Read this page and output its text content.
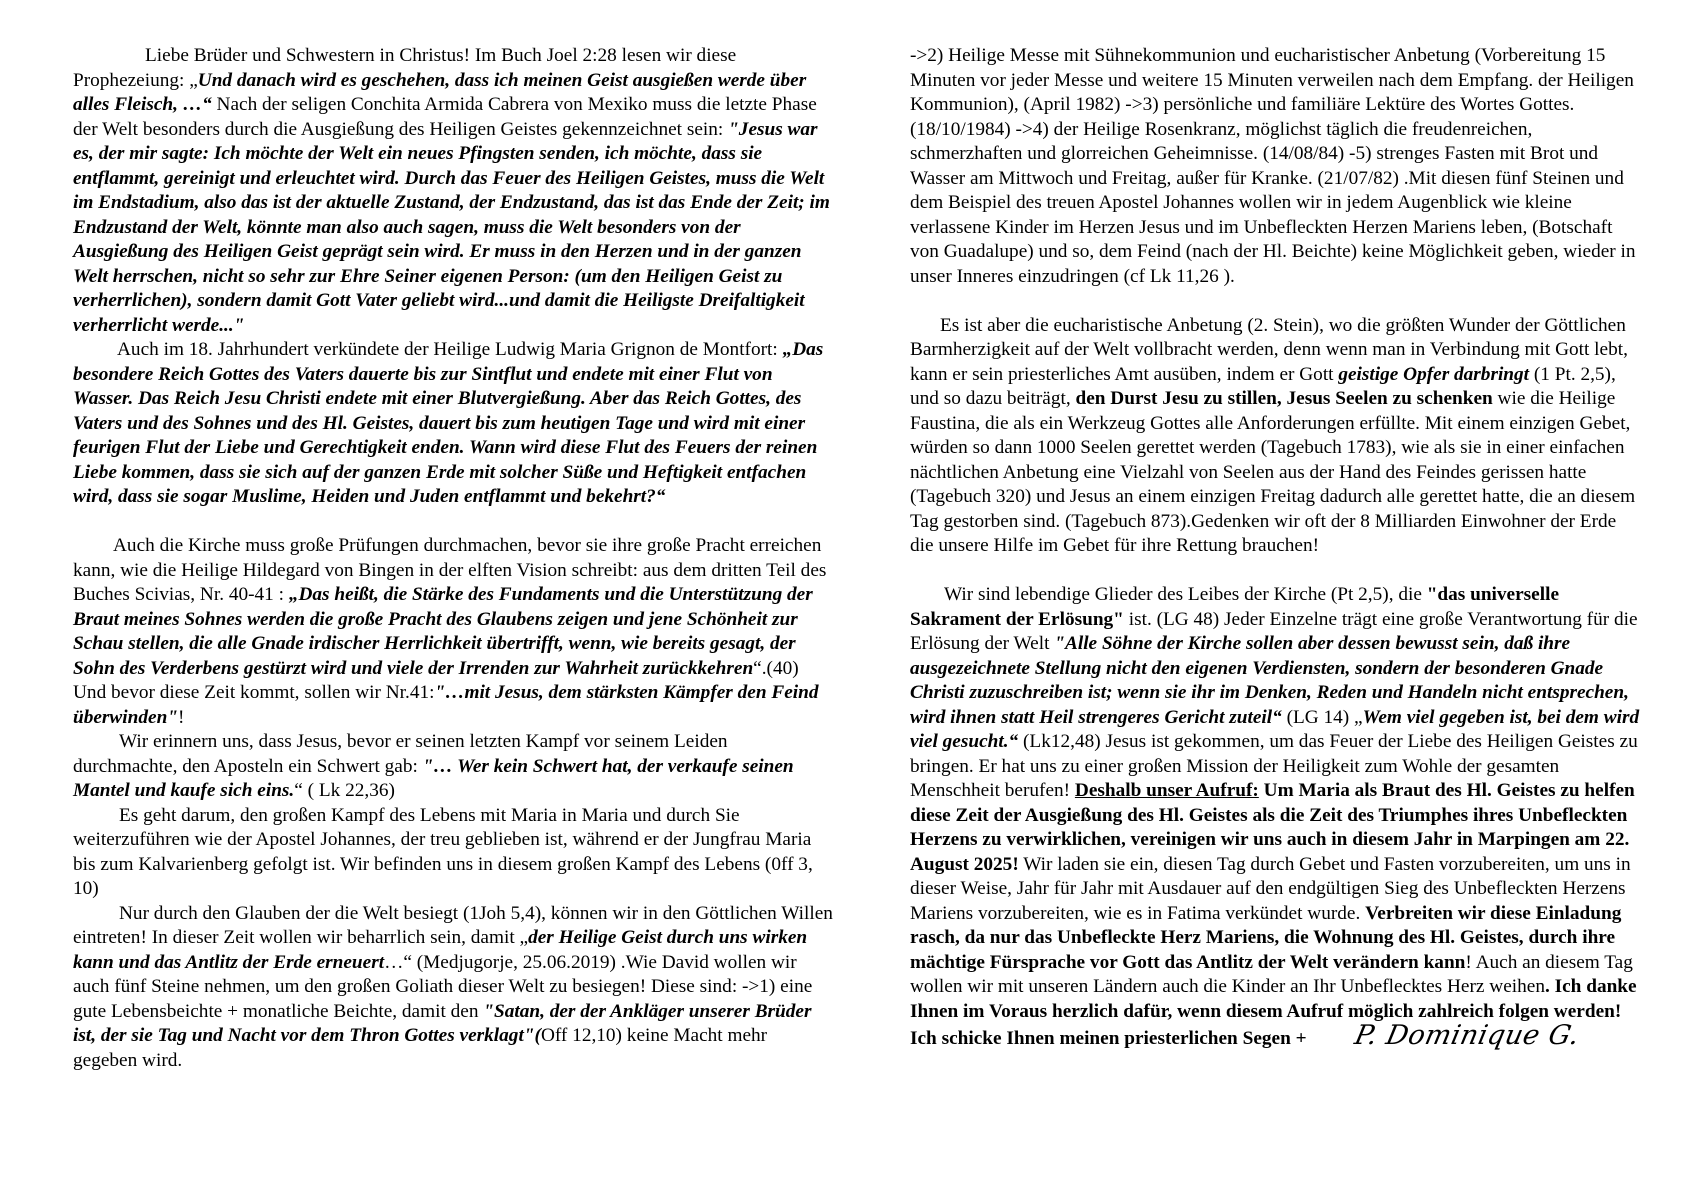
Liebe Brüder und Schwestern in Christus! Im Buch Joel 2:28 lesen wir diese Prophezeiung: „Und danach wird es geschehen, dass ich meinen Geist ausgießen werde über alles Fleisch, …“ Nach der seligen Conchita Armida Cabrera von Mexiko muss die letzte Phase der Welt besonders durch die Ausgießung des Heiligen Geistes gekennzeichnet sein: "Jesus war es, der mir sagte: Ich möchte der Welt ein neues Pfingsten senden, ich möchte, dass sie entflammt, gereinigt und erleuchtet wird. Durch das Feuer des Heiligen Geistes, muss die Welt im Endstadium, also das ist der aktuelle Zustand, der Endzustand, das ist das Ende der Zeit; im Endzustand der Welt, könnte man also auch sagen, muss die Welt besonders von der Ausgießung des Heiligen Geist geprägt sein wird. Er muss in den Herzen und in der ganzen Welt herrschen, nicht so sehr zur Ehre Seiner eigenen Person: (um den Heiligen Geist zu verherrlichen), sondern damit Gott Vater geliebt wird...und damit die Heiligste Dreifaltigkeit verherrlicht werde..."

Auch im 18. Jahrhundert verkündete der Heilige Ludwig Maria Grignon de Montfort: „Das besondere Reich Gottes des Vaters dauerte bis zur Sintflut und endete mit einer Flut von Wasser. Das Reich Jesu Christi endete mit einer Blutvergießung. Aber das Reich Gottes, des Vaters und des Sohnes und des Hl. Geistes, dauert bis zum heutigen Tage und wird mit einer feurigen Flut der Liebe und Gerechtigkeit enden. Wann wird diese Flut des Feuers der reinen Liebe kommen, dass sie sich auf der ganzen Erde mit solcher Süße und Heftigkeit entfachen wird, dass sie sogar Muslime, Heiden und Juden entflammt und bekehrt?“

Auch die Kirche muss große Prüfungen durchmachen, bevor sie ihre große Pracht erreichen kann, wie die Heilige Hildegard von Bingen in der elften Vision schreibt: aus dem dritten Teil des Buches Scivias, Nr. 40-41 : „Das heißt, die Stärke des Fundaments und die Unterstützung der Braut meines Sohnes werden die große Pracht des Glaubens zeigen und jene Schönheit zur Schau stellen, die alle Gnade irdischer Herrlichkeit übertrifft, wenn, wie bereits gesagt, der Sohn des Verderbens gestürzt wird und viele der Irrenden zur Wahrheit zurückkehren“.(40) Und bevor diese Zeit kommt, sollen wir Nr.41:"…mit Jesus, dem stärksten Kämpfer den Feind überwinden"!

Wir erinnern uns, dass Jesus, bevor er seinen letzten Kampf vor seinem Leiden durchmachte, den Aposteln ein Schwert gab: "… Wer kein Schwert hat, der verkaufe seinen Mantel und kaufe sich eins.“ ( Lk 22,36)

Es geht darum, den großen Kampf des Lebens mit Maria in Maria und durch Sie weiterzuführen wie der Apostel Johannes, der treu geblieben ist, während er der Jungfrau Maria bis zum Kalvarienberg gefolgt ist. Wir befinden uns in diesem großen Kampf des Lebens (0ff 3, 10)

Nur durch den Glauben der die Welt besiegt (1Joh 5,4), können wir in den Göttlichen Willen eintreten! In dieser Zeit wollen wir beharrlich sein, damit „der Heilige Geist durch uns wirken kann und das Antlitz der Erde erneuert…“ (Medjugorje, 25.06.2019) .Wie David wollen wir auch fünf Steine nehmen, um den großen Goliath dieser Welt zu besiegen! Diese sind: ->1) eine gute Lebensbeichte + monatliche Beichte, damit den "Satan, der der Ankläger unserer Brüder ist, der sie Tag und Nacht vor dem Thron Gottes verklagt"(Off 12,10) keine Macht mehr gegeben wird.

->2) Heilige Messe mit Sühnekommunion und eucharistischer Anbetung (Vorbereitung 15 Minuten vor jeder Messe und weitere 15 Minuten verweilen nach dem Empfang. der Heiligen Kommunion), (April 1982) ->3) persönliche und familiäre Lektüre des Wortes Gottes. (18/10/1984) ->4) der Heilige Rosenkranz, möglichst täglich die freudenreichen, schmerzhaften und glorreichen Geheimnisse. (14/08/84) -5) strenges Fasten mit Brot und Wasser am Mittwoch und Freitag, außer für Kranke. (21/07/82) .Mit diesen fünf Steinen und dem Beispiel des treuen Apostel Johannes wollen wir in jedem Augenblick wie kleine verlassene Kinder im Herzen Jesus und im Unbefleckten Herzen Mariens leben, (Botschaft von Guadalupe) und so, dem Feind (nach der Hl. Beichte) keine Möglichkeit geben, wieder in unser Inneres einzudringen (cf Lk 11,26 ).

Es ist aber die eucharistische Anbetung (2. Stein), wo die größten Wunder der Göttlichen Barmherzigkeit auf der Welt vollbracht werden, denn wenn man in Verbindung mit Gott lebt, kann er sein priesterliches Amt ausüben, indem er Gott geistige Opfer darbringt (1 Pt. 2,5), und so dazu beiträgt, den Durst Jesu zu stillen, Jesus Seelen zu schenken wie die Heilige Faustina, die als ein Werkzeug Gottes alle Anforderungen erfüllte. Mit einem einzigen Gebet, würden so dann 1000 Seelen gerettet werden (Tagebuch 1783), wie als sie in einer einfachen nächtlichen Anbetung eine Vielzahl von Seelen aus der Hand des Feindes gerissen hatte (Tagebuch 320) und Jesus an einem einzigen Freitag dadurch alle gerettet hatte, die an diesem Tag gestorben sind. (Tagebuch 873).Gedenken wir oft der 8 Milliarden Einwohner der Erde die unsere Hilfe im Gebet für ihre Rettung brauchen!

Wir sind lebendige Glieder des Leibes der Kirche (Pt 2,5), die "das universelle Sakrament der Erlösung" ist. (LG 48) Jeder Einzelne trägt eine große Verantwortung für die Erlösung der Welt "Alle Söhne der Kirche sollen aber dessen bewusst sein, daß ihre ausgezeichnete Stellung nicht den eigenen Verdiensten, sondern der besonderen Gnade Christi zuzuschreiben ist; wenn sie ihr im Denken, Reden und Handeln nicht entsprechen, wird ihnen statt Heil strengeres Gericht zuteil“ (LG 14) „Wem viel gegeben ist, bei dem wird viel gesucht.“ (Lk12,48) Jesus ist gekommen, um das Feuer der Liebe des Heiligen Geistes zu bringen. Er hat uns zu einer großen Mission der Heiligkeit zum Wohle der gesamten Menschheit berufen! Deshalb unser Aufruf: Um Maria als Braut des Hl. Geistes zu helfen diese Zeit der Ausgießung des Hl. Geistes als die Zeit des Triumphes ihres Unbefleckten Herzens zu verwirklichen, vereinigen wir uns auch in diesem Jahr in Marpingen am 22. August 2025! Wir laden sie ein, diesen Tag durch Gebet und Fasten vorzubereiten, um uns in dieser Weise, Jahr für Jahr mit Ausdauer auf den endgültigen Sieg des Unbefleckten Herzens Mariens vorzubereiten, wie es in Fatima verkündet wurde. Verbreiten wir diese Einladung rasch, da nur das Unbefleckte Herz Mariens, die Wohnung des Hl. Geistes, durch ihre mächtige Fürsprache vor Gott das Antlitz der Welt verändern kann! Auch an diesem Tag wollen wir mit unseren Ländern auch die Kinder an Ihr Unbeflecktes Herz weihen. Ich danke Ihnen im Voraus herzlich dafür, wenn diesem Aufruf möglich zahlreich folgen werden! Ich schicke Ihnen meinen priesterlichen Segen + P. Dominique G.
